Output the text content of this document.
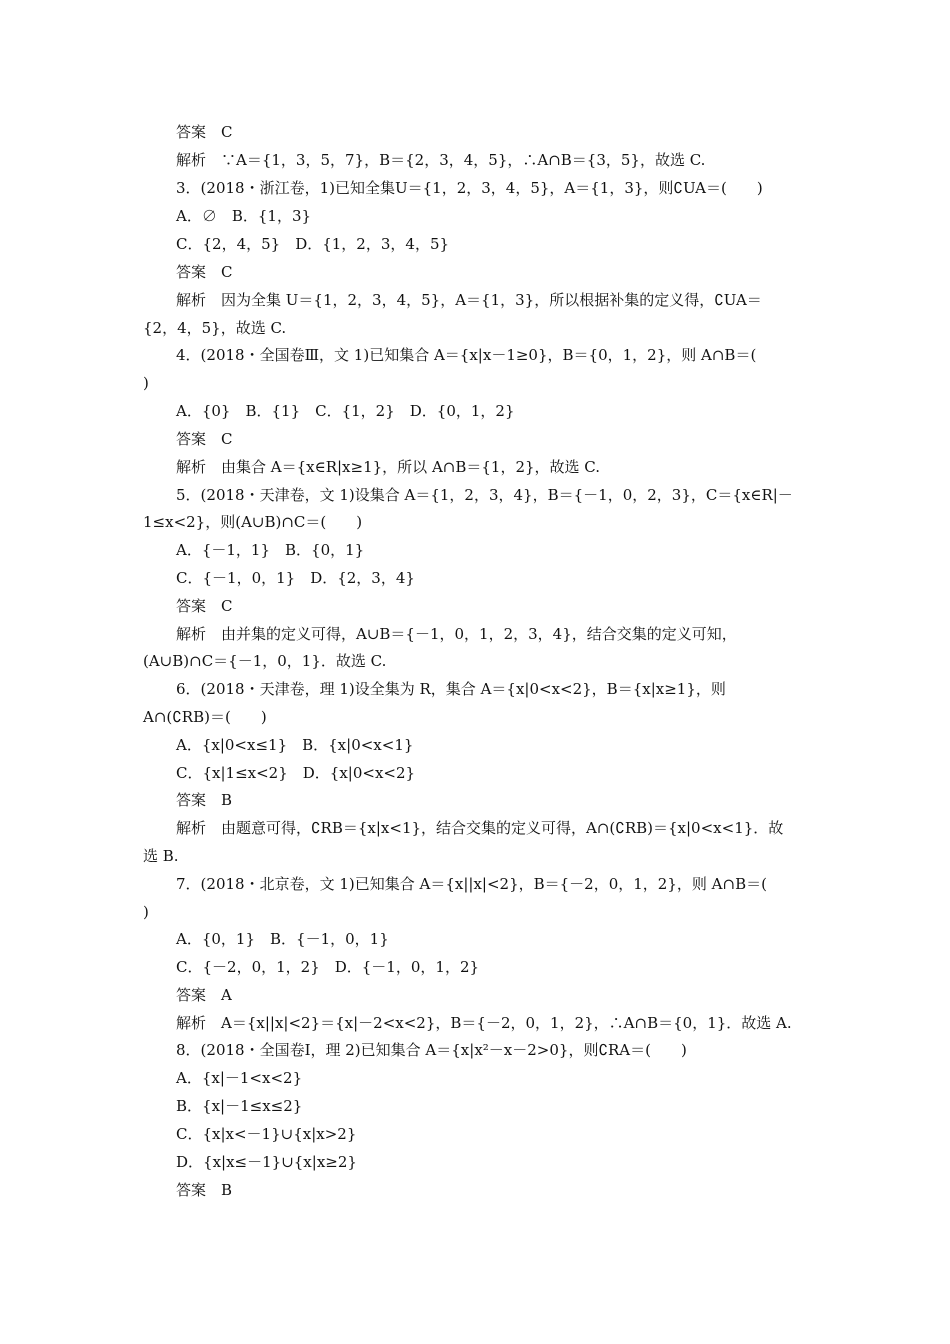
答案　C
解析　∵A＝{1，3，5，7}，B＝{2，3，4，5}，∴A∩B＝{3，5}，故选 C.
3．(2018・浙江卷，1)已知全集U＝{1，2，3，4，5}，A＝{1，3}，则∁UA＝(　　)
A．∅　B．{1，3}
C．{2，4，5}　D．{1，2，3，4，5}
答案　C
解析　因为全集 U＝{1，2，3，4，5}，A＝{1，3}，所以根据补集的定义得，∁UA＝
{2，4，5}，故选 C.
4．(2018・全国卷Ⅲ，文 1)已知集合 A＝{x|x－1≥0}，B＝{0，1，2}，则 A∩B＝(
)
A．{0}　B．{1}　C．{1，2}　D．{0，1，2}
答案　C
解析　由集合 A＝{x∈R|x≥1}，所以 A∩B＝{1，2}，故选 C.
5．(2018・天津卷，文 1)设集合 A＝{1，2，3，4}，B＝{－1，0，2，3}，C＝{x∈R|－
1≤x<2}，则(A∪B)∩C＝(　　)
A．{－1，1}　B．{0，1}
C．{－1，0，1}　D．{2，3，4}
答案　C
解析　由并集的定义可得，A∪B＝{－1，0，1，2，3，4}，结合交集的定义可知，
(A∪B)∩C＝{－1，0，1}．故选 C.
6．(2018・天津卷，理 1)设全集为 R，集合 A＝{x|0<x<2}，B＝{x|x≥1}，则
A∩(∁RB)＝(　　)
A．{x|0<x≤1}　B．{x|0<x<1}
C．{x|1≤x<2}　D．{x|0<x<2}
答案　B
解析　由题意可得，∁RB＝{x|x<1}，结合交集的定义可得，A∩(∁RB)＝{x|0<x<1}．故
选 B.
7．(2018・北京卷，文 1)已知集合 A＝{x||x|<2}，B＝{－2，0，1，2}，则 A∩B＝(
)
A．{0，1}　B．{－1，0，1}
C．{－2，0，1，2}　D．{－1，0，1，2}
答案　A
解析　A＝{x||x|<2}＝{x|－2<x<2}，B＝{－2，0，1，2}，∴A∩B＝{0，1}．故选 A.
8．(2018・全国卷Ⅰ，理 2)已知集合 A＝{x|x²－x－2>0}，则∁RA＝(　　)
A．{x|－1<x<2}
B．{x|－1≤x≤2}
C．{x|x<－1}∪{x|x>2}
D．{x|x≤－1}∪{x|x≥2}
答案　B
